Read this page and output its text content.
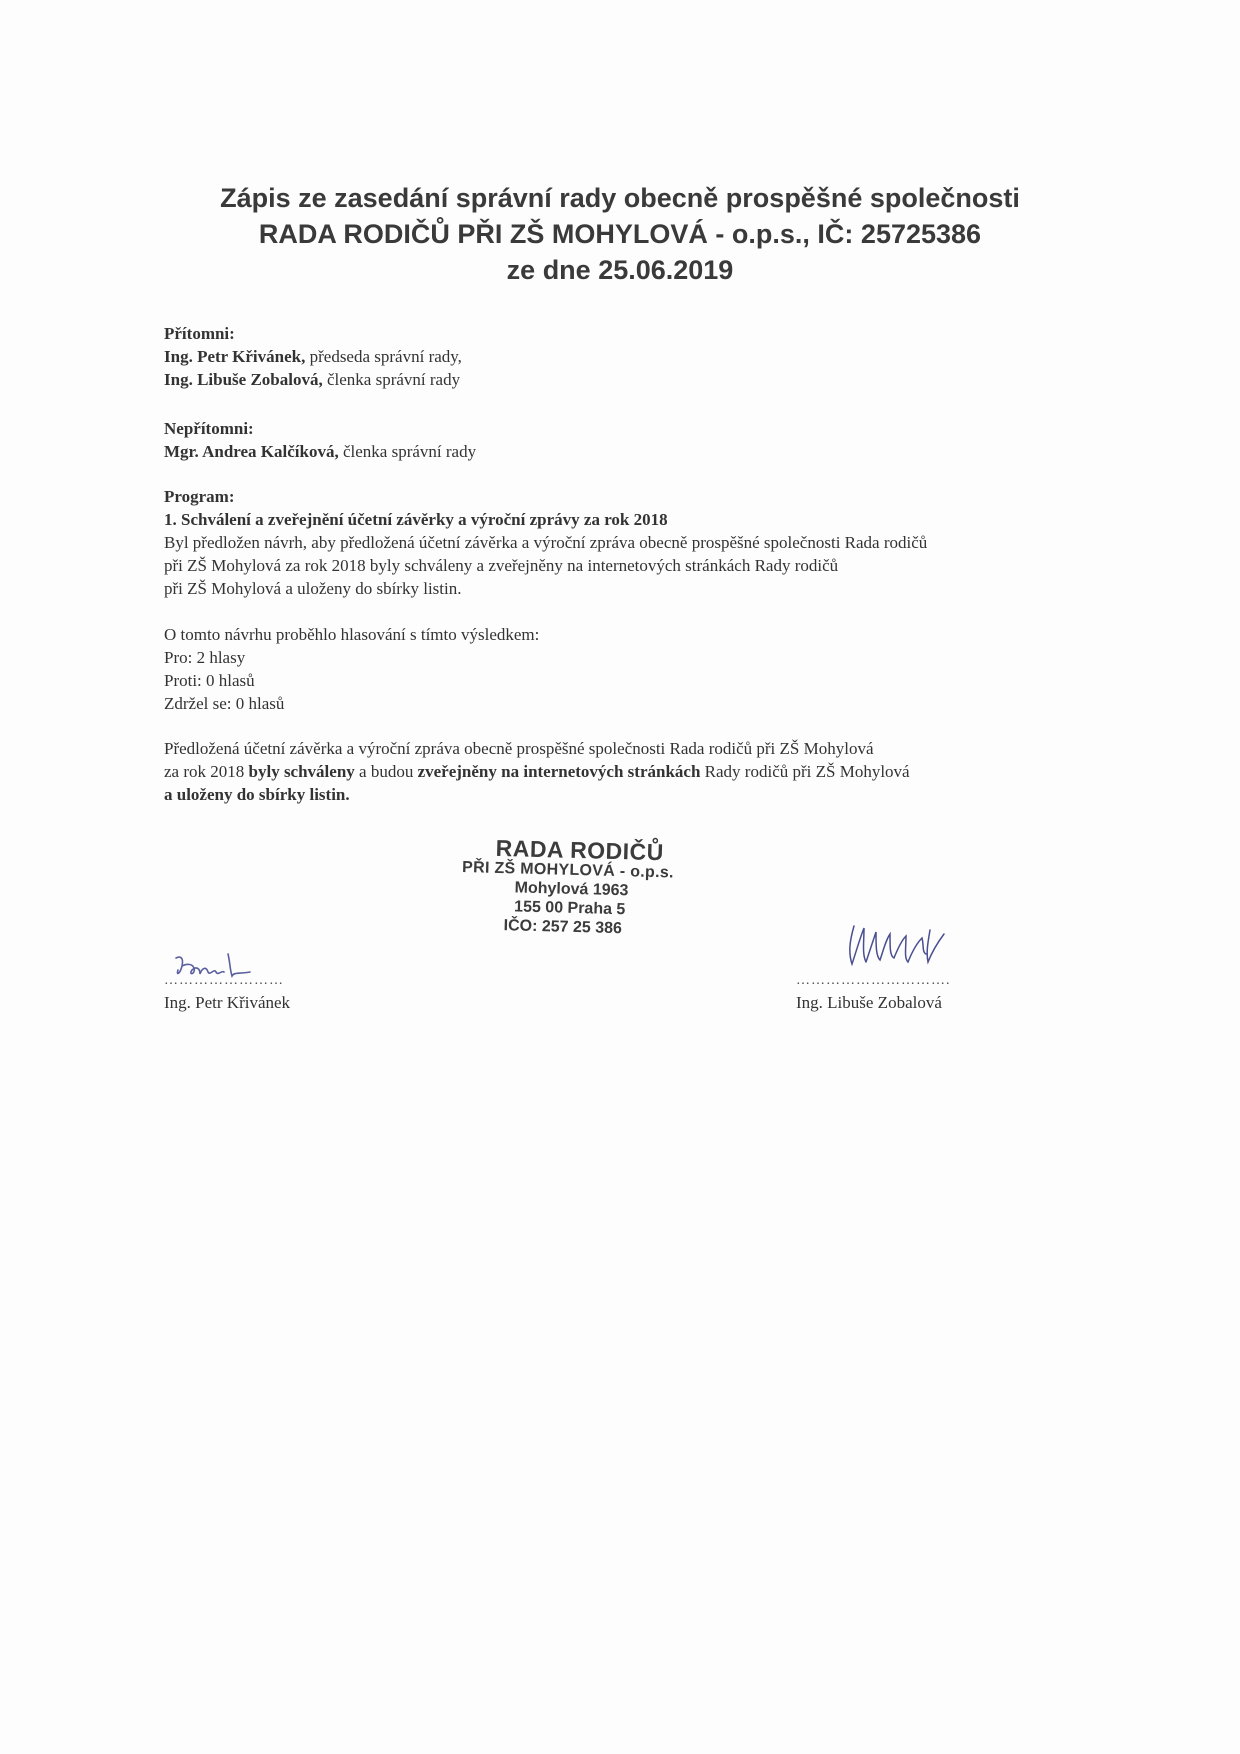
Zápis ze zasedání správní rady obecně prospěšné společnosti
RADA RODIČŮ PŘI ZŠ MOHYLOVÁ - o.p.s., IČ: 25725386
ze dne 25.06.2019

Přítomni:

Ing. Petr Křivánek, předseda správní rady,

Ing. Libuše Zobalová, členka správní rady

Nepřítomni:

Mgr. Andrea Kalčíková, členka správní rady

Program:

1. Schválení a zveřejnění účetní závěrky a výroční zprávy za rok 2018

Byl předložen návrh, aby předložená účetní závěrka a výroční zpráva obecně prospěšné společnosti Rada rodičů

při ZŠ Mohylová za rok 2018 byly schváleny a zveřejněny na internetových stránkách Rady rodičů

při ZŠ Mohylová a uloženy do sbírky listin.

O tomto návrhu proběhlo hlasování s tímto výsledkem:

Pro: 2 hlasy

Proti: 0 hlasů

Zdržel se: 0 hlasů

Předložená účetní závěrka a výroční zpráva obecně prospěšné společnosti Rada rodičů při ZŠ Mohylová

za rok 2018 byly schváleny a budou zveřejněny na internetových stránkách Rady rodičů při ZŠ Mohylová

a uloženy do sbírky listin.

RADA RODIČŮ
PŘI ZŠ MOHYLOVÁ - o.p.s.
Mohylová 1963
155 00 Praha 5
IČO: 257 25 386
……………………
Ing. Petr Křivánek
………………………….
Ing. Libuše Zobalová
